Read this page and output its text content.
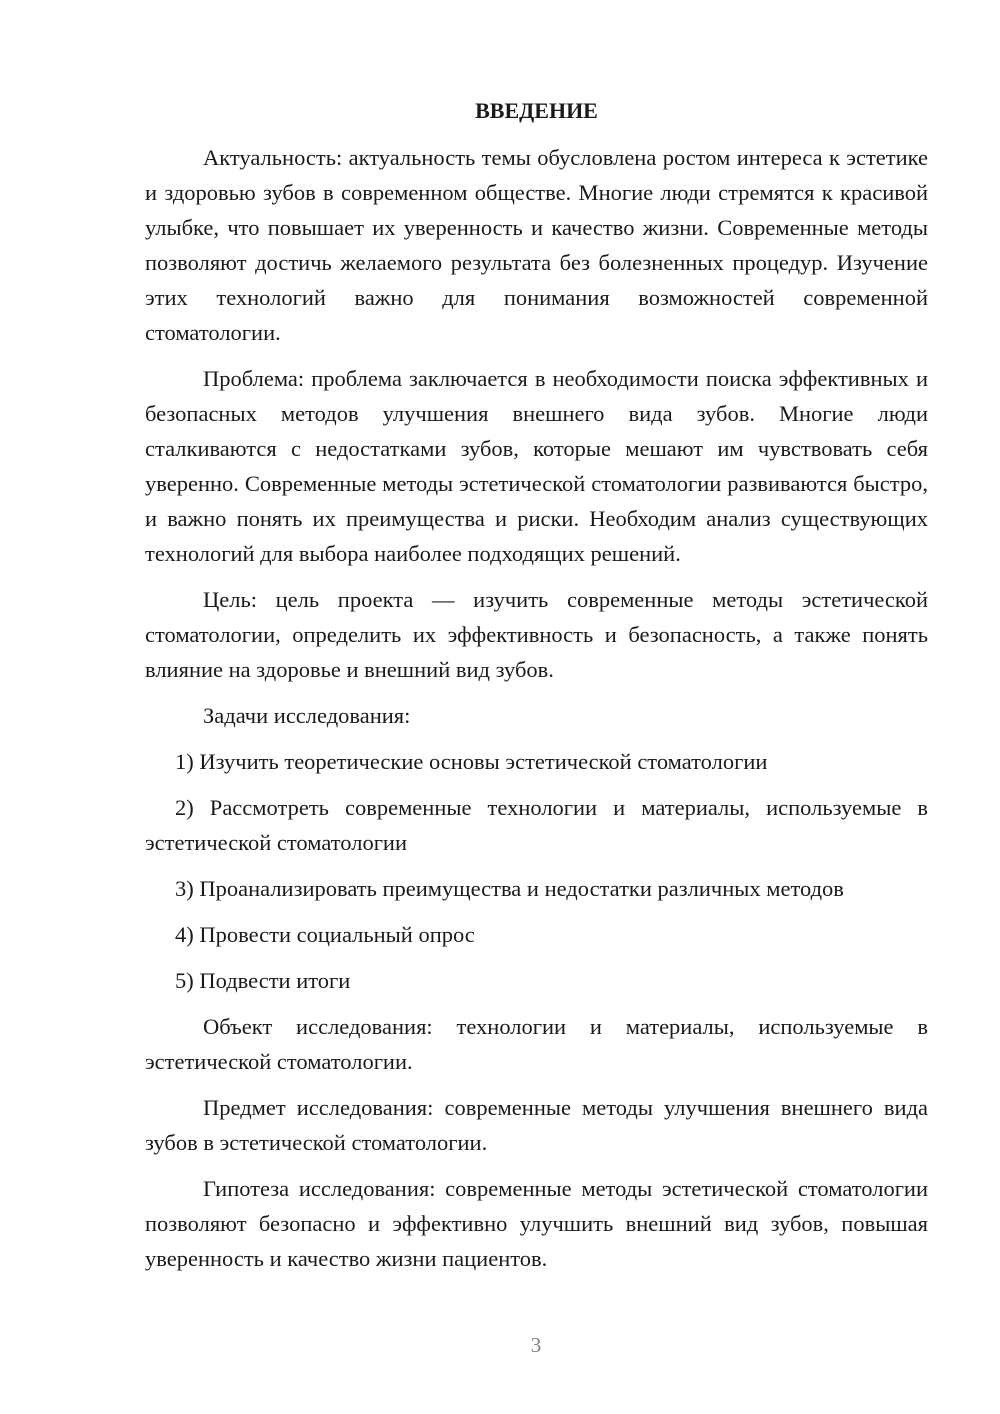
ВВЕДЕНИЕ

Актуальность: актуальность темы обусловлена ростом интереса к эстетике и здоровью зубов в современном обществе. Многие люди стремятся к красивой улыбке, что повышает их уверенность и качество жизни. Современные методы позволяют достичь желаемого результата без болезненных процедур. Изучение этих технологий важно для понимания возможностей современной стоматологии.

Проблема: проблема заключается в необходимости поиска эффективных и безопасных методов улучшения внешнего вида зубов. Многие люди сталкиваются с недостатками зубов, которые мешают им чувствовать себя уверенно. Современные методы эстетической стоматологии развиваются быстро, и важно понять их преимущества и риски. Необходим анализ существующих технологий для выбора наиболее подходящих решений.

Цель: цель проекта — изучить современные методы эстетической стоматологии, определить их эффективность и безопасность, а также понять влияние на здоровье и внешний вид зубов.

Задачи исследования:

1) Изучить теоретические основы эстетической стоматологии

2) Рассмотреть современные технологии и материалы, используемые в эстетической стоматологии

3) Проанализировать преимущества и недостатки различных методов

4) Провести социальный опрос

5) Подвести итоги

Объект исследования: технологии и материалы, используемые в эстетической стоматологии.

Предмет исследования: современные методы улучшения внешнего вида зубов в эстетической стоматологии.

Гипотеза исследования: современные методы эстетической стоматологии позволяют безопасно и эффективно улучшить внешний вид зубов, повышая уверенность и качество жизни пациентов.

3
